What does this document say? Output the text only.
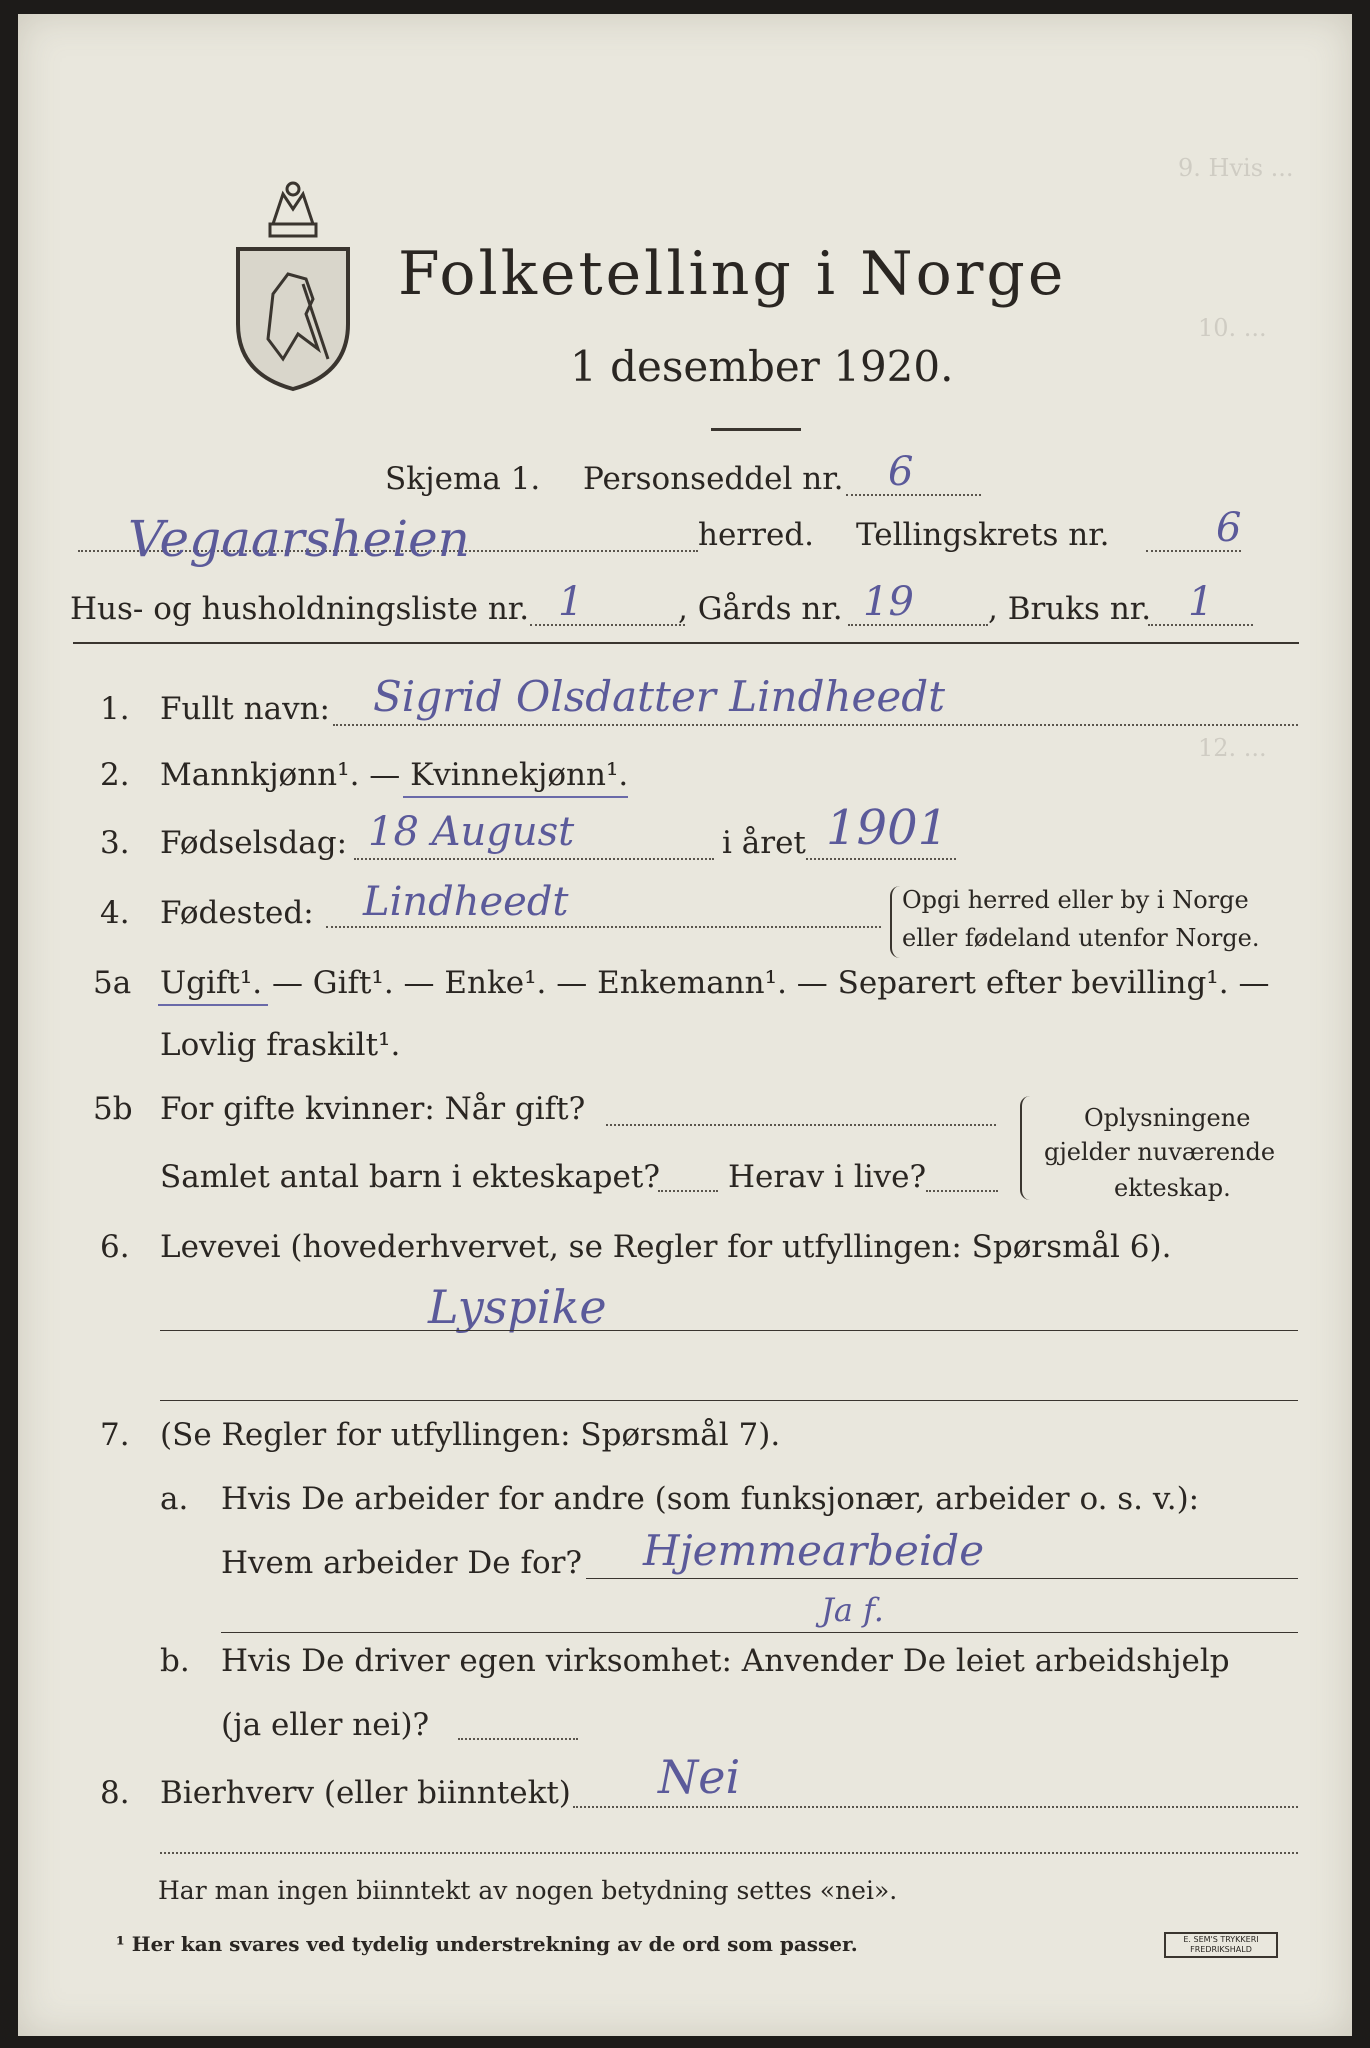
9. Hvis ...
10. ...
12. ...
Folketelling i Norge
1 desember 1920.
Skjema 1. Personseddel nr. 6
Vegaarsheien	herred. Tellingskrets nr.	6
Hus- og husholdningsliste nr. 1	, Gårds nr. 19 , Bruks nr. 1
1. Fullt navn: Sigrid Olsdatter Lindheedt
2. Mannkjønn¹. — Kvinnekjønn¹.
3. Fødselsdag: 18 August	i året 1901
4. Fødested: Lindheedt	Opgi herred eller by i Norge
eller fødeland utenfor Norge.
5a Ugift¹. — Gift¹. — Enke¹. — Enkemann¹. — Separert efter bevilling¹. —
Lovlig fraskilt¹.
5b For gifte kvinner: Når gift?
Samlet antal barn i ekteskapet? Herav i live?
Oplysningene
gjelder nuværende
ekteskap.
6. Levevei (hovederhvervet, se Regler for utfyllingen: Spørsmål 6).
Lyspike
7. (Se Regler for utfyllingen: Spørsmål 7).
a. Hvis De arbeider for andre (som funksjonær, arbeider o. s. v.):
Hvem arbeider De for? Hjemmearbeide
Ja f.
b. Hvis De driver egen virksomhet: Anvender De leiet arbeidshjelp
(ja eller nei)?
8. Bierhverv (eller biinntekt) Nei
Har man ingen biinntekt av nogen betydning settes «nei».
¹ Her kan svares ved tydelig understrekning av de ord som passer.	E. SEM'S TRYKKERI FREDRIKSHALD
